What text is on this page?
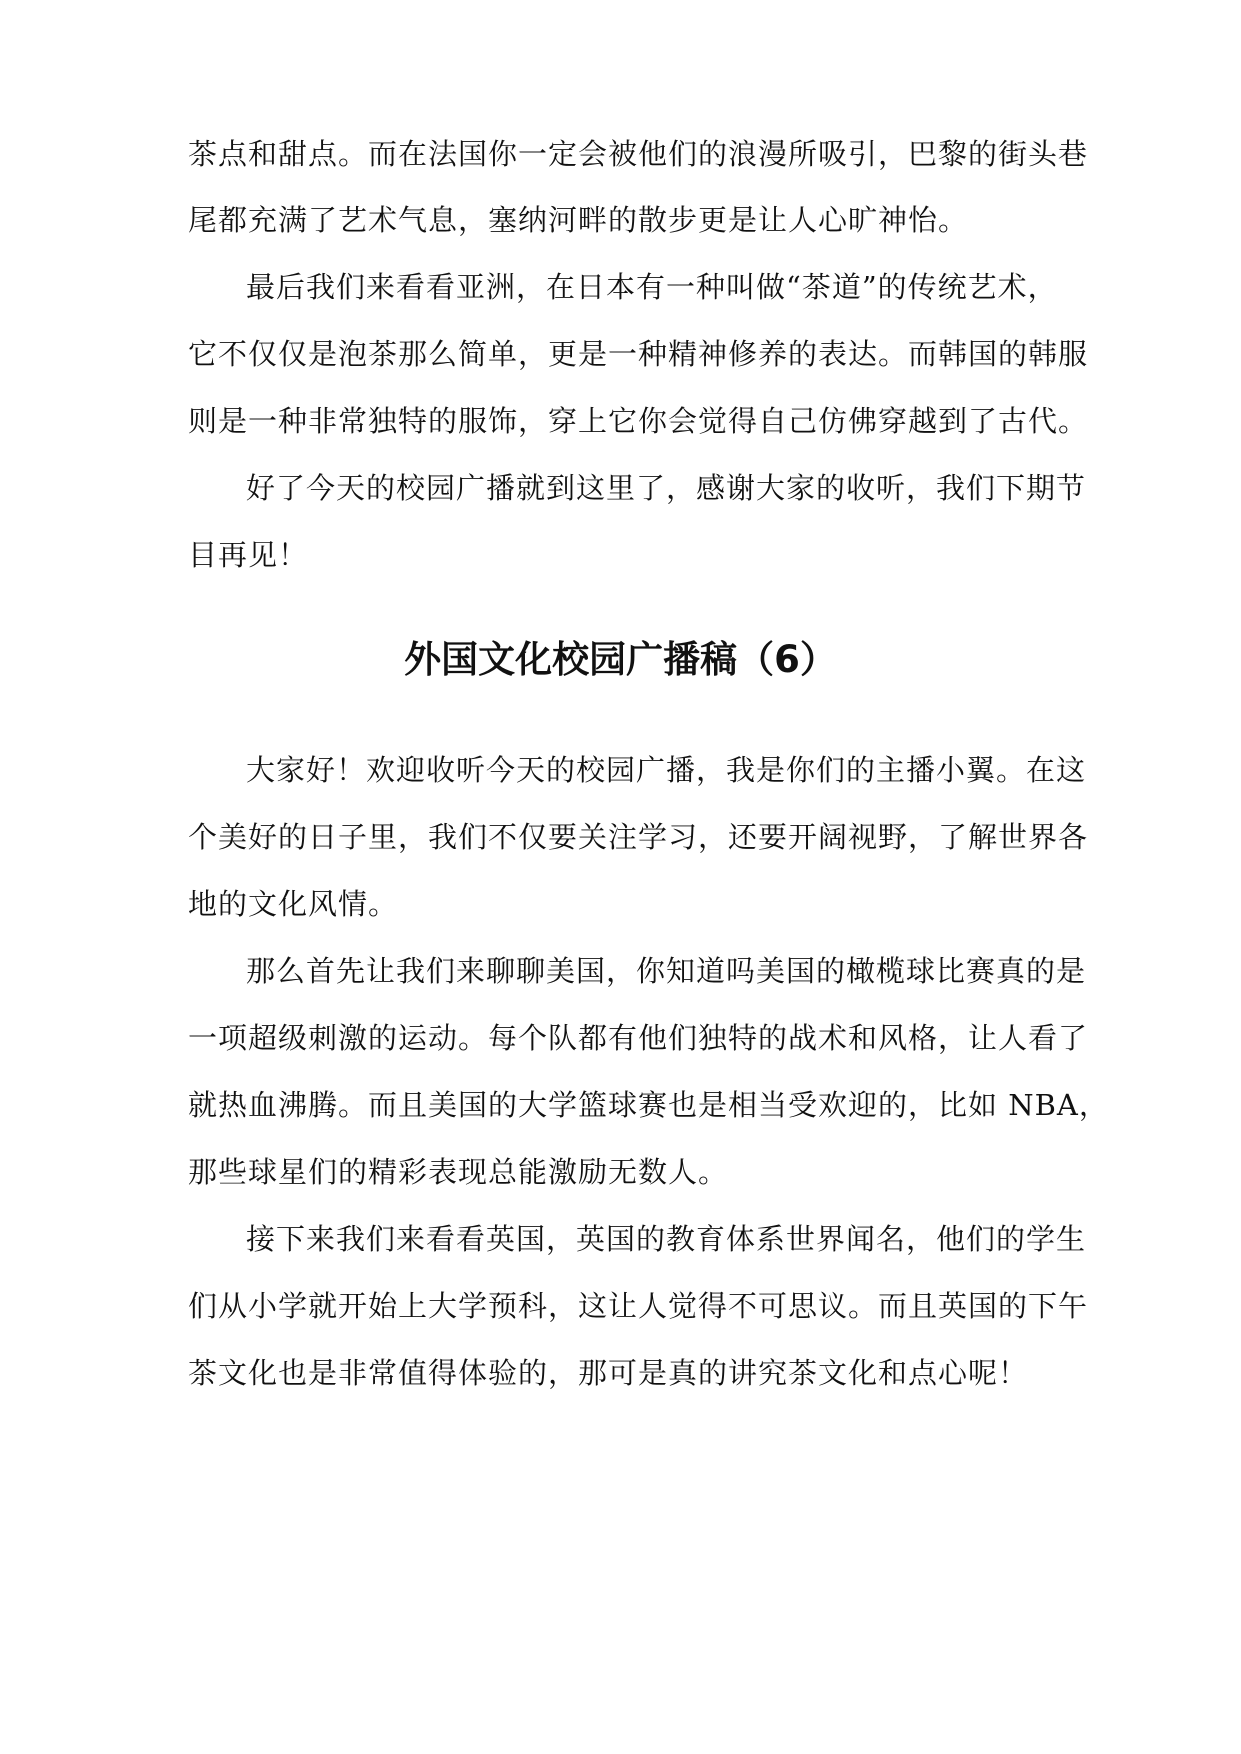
茶点和甜点。而在法国你一定会被他们的浪漫所吸引，巴黎的街头巷
尾都充满了艺术气息，塞纳河畔的散步更是让人心旷神怡。
最后我们来看看亚洲，在日本有一种叫做“茶道”的传统艺术，
它不仅仅是泡茶那么简单，更是一种精神修养的表达。而韩国的韩服
则是一种非常独特的服饰，穿上它你会觉得自己仿佛穿越到了古代。
好了今天的校园广播就到这里了，感谢大家的收听，我们下期节
目再见！
外国文化校园广播稿（6）
大家好！欢迎收听今天的校园广播，我是你们的主播小翼。在这
个美好的日子里，我们不仅要关注学习，还要开阔视野，了解世界各
地的文化风情。
那么首先让我们来聊聊美国，你知道吗美国的橄榄球比赛真的是
一项超级刺激的运动。每个队都有他们独特的战术和风格，让人看了
就热血沸腾。而且美国的大学篮球赛也是相当受欢迎的，比如 NBA，
那些球星们的精彩表现总能激励无数人。
接下来我们来看看英国，英国的教育体系世界闻名，他们的学生
们从小学就开始上大学预科，这让人觉得不可思议。而且英国的下午
茶文化也是非常值得体验的，那可是真的讲究茶文化和点心呢！
